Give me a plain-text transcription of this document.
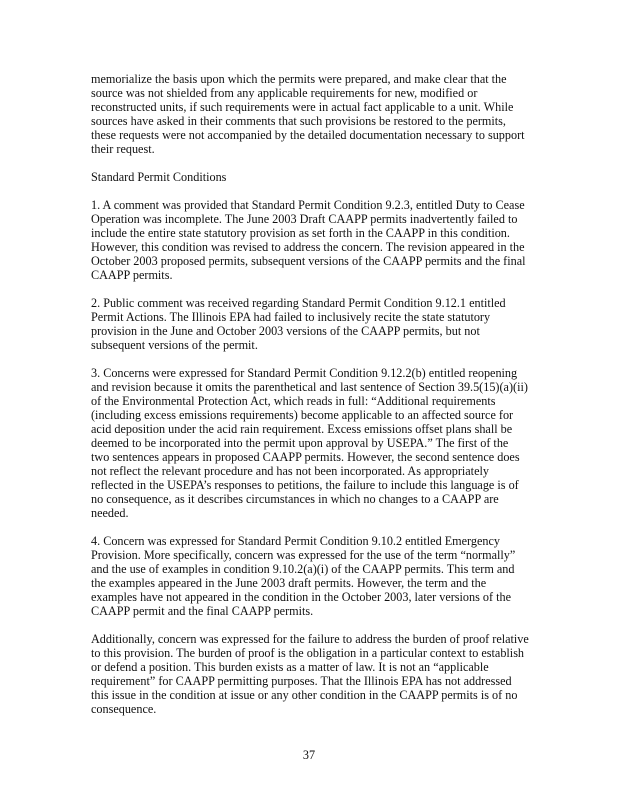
memorialize the basis upon which the permits were prepared, and make clear that the
source was not shielded from any applicable requirements for new, modified or
reconstructed units, if such requirements were in actual fact applicable to a unit. While
sources have asked in their comments that such provisions be restored to the permits,
these requests were not accompanied by the detailed documentation necessary to support
their request.

Standard Permit Conditions

1. A comment was provided that Standard Permit Condition 9.2.3, entitled Duty to Cease
Operation was incomplete. The June 2003 Draft CAAPP permits inadvertently failed to
include the entire state statutory provision as set forth in the CAAPP in this condition.
However, this condition was revised to address the concern. The revision appeared in the
October 2003 proposed permits, subsequent versions of the CAAPP permits and the final
CAAPP permits.

2. Public comment was received regarding Standard Permit Condition 9.12.1 entitled
Permit Actions. The Illinois EPA had failed to inclusively recite the state statutory
provision in the June and October 2003 versions of the CAAPP permits, but not
subsequent versions of the permit.

3. Concerns were expressed for Standard Permit Condition 9.12.2(b) entitled reopening
and revision because it omits the parenthetical and last sentence of Section 39.5(15)(a)(ii)
of the Environmental Protection Act, which reads in full: “Additional requirements
(including excess emissions requirements) become applicable to an affected source for
acid deposition under the acid rain requirement. Excess emissions offset plans shall be
deemed to be incorporated into the permit upon approval by USEPA.” The first of the
two sentences appears in proposed CAAPP permits. However, the second sentence does
not reflect the relevant procedure and has not been incorporated. As appropriately
reflected in the USEPA’s responses to petitions, the failure to include this language is of
no consequence, as it describes circumstances in which no changes to a CAAPP are
needed.

4. Concern was expressed for Standard Permit Condition 9.10.2 entitled Emergency
Provision. More specifically, concern was expressed for the use of the term “normally”
and the use of examples in condition 9.10.2(a)(i) of the CAAPP permits. This term and
the examples appeared in the June 2003 draft permits. However, the term and the
examples have not appeared in the condition in the October 2003, later versions of the
CAAPP permit and the final CAAPP permits.

Additionally, concern was expressed for the failure to address the burden of proof relative
to this provision. The burden of proof is the obligation in a particular context to establish
or defend a position. This burden exists as a matter of law. It is not an “applicable
requirement” for CAAPP permitting purposes. That the Illinois EPA has not addressed
this issue in the condition at issue or any other condition in the CAAPP permits is of no
consequence.

37
